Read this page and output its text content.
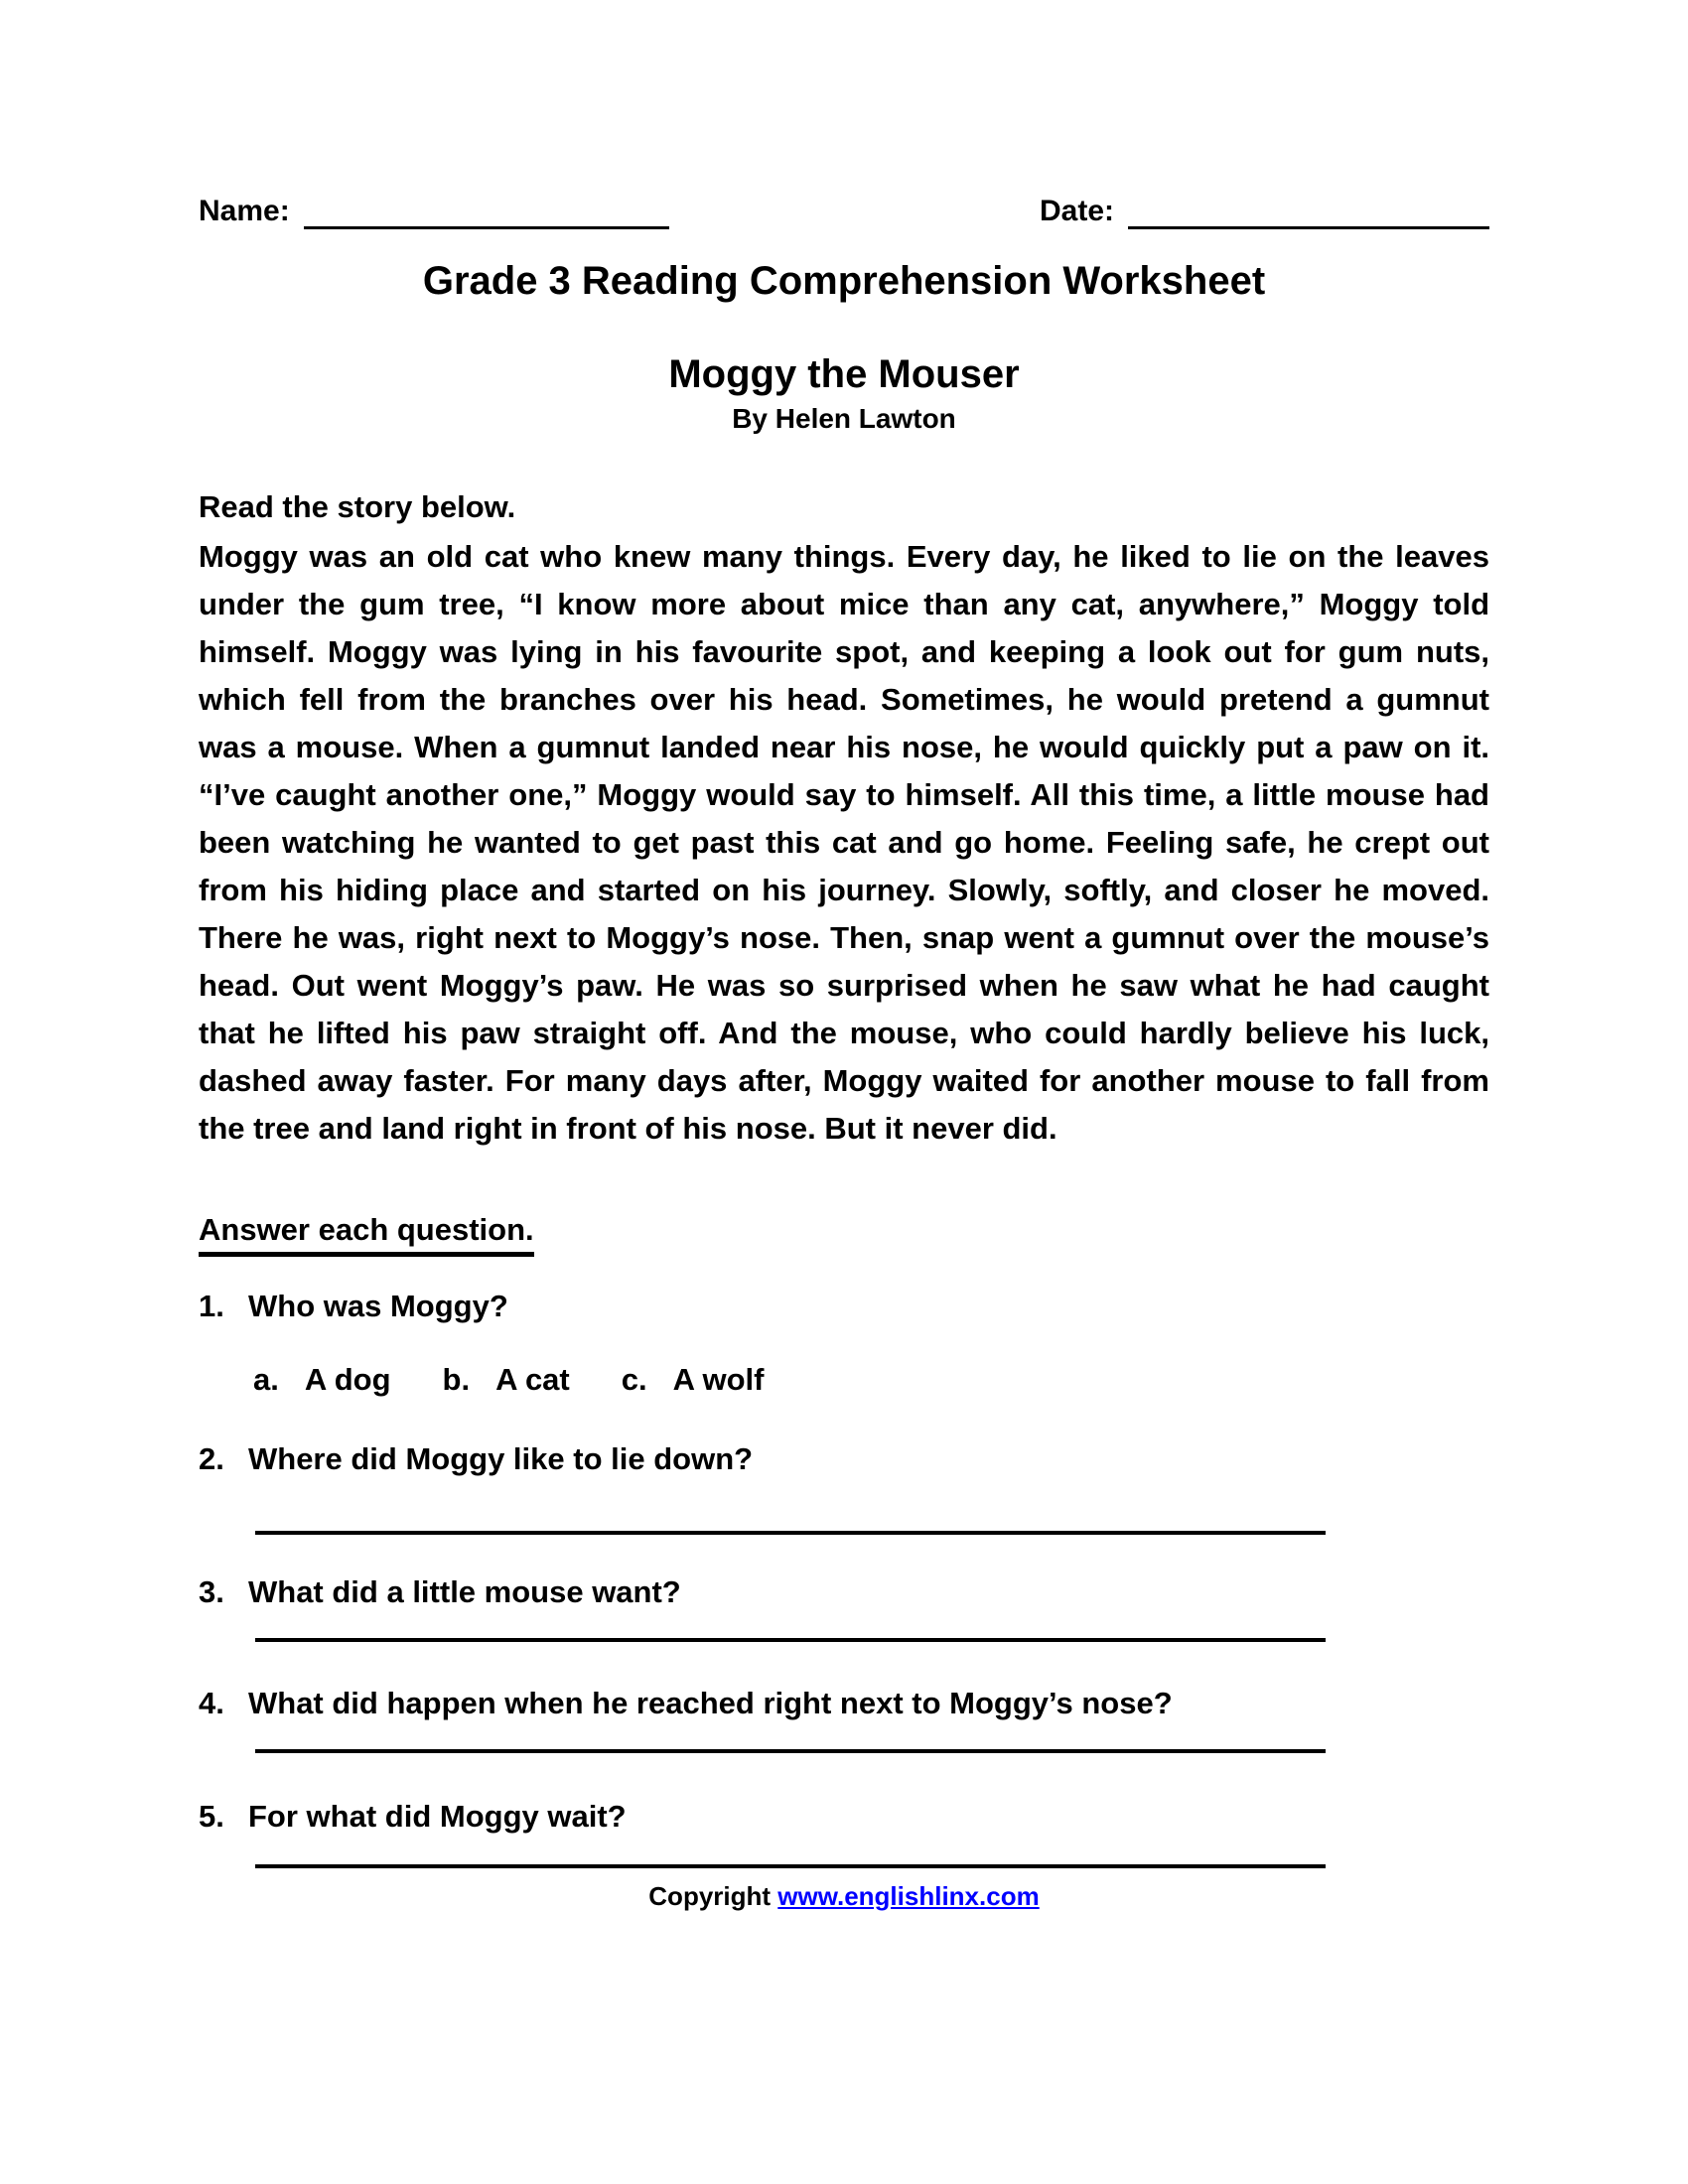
Name:	Date:
Grade 3 Reading Comprehension Worksheet
Moggy the Mouser
By Helen Lawton
Read the story below.
Moggy was an old cat who knew many things. Every day, he liked to lie on the leaves under the gum tree, “I know more about mice than any cat, anywhere,” Moggy told himself. Moggy was lying in his favourite spot, and keeping a look out for gum nuts, which fell from the branches over his head. Sometimes, he would pretend a gumnut was a mouse. When a gumnut landed near his nose, he would quickly put a paw on it. “I’ve caught another one,” Moggy would say to himself. All this time, a little mouse had been watching he wanted to get past this cat and go home. Feeling safe, he crept out from his hiding place and started on his journey. Slowly, softly, and closer he moved. There he was, right next to Moggy’s nose. Then, snap went a gumnut over the mouse’s head. Out went Moggy’s paw. He was so surprised when he saw what he had caught that he lifted his paw straight off. And the mouse, who could hardly believe his luck, dashed away faster. For many days after, Moggy waited for another mouse to fall from the tree and land right in front of his nose. But it never did.
Answer each question.
1. Who was Moggy?
a. A dog b. A cat c. A wolf
2. Where did Moggy like to lie down?
3. What did a little mouse want?
4. What did happen when he reached right next to Moggy’s nose?
5. For what did Moggy wait?
Copyright www.englishlinx.com
